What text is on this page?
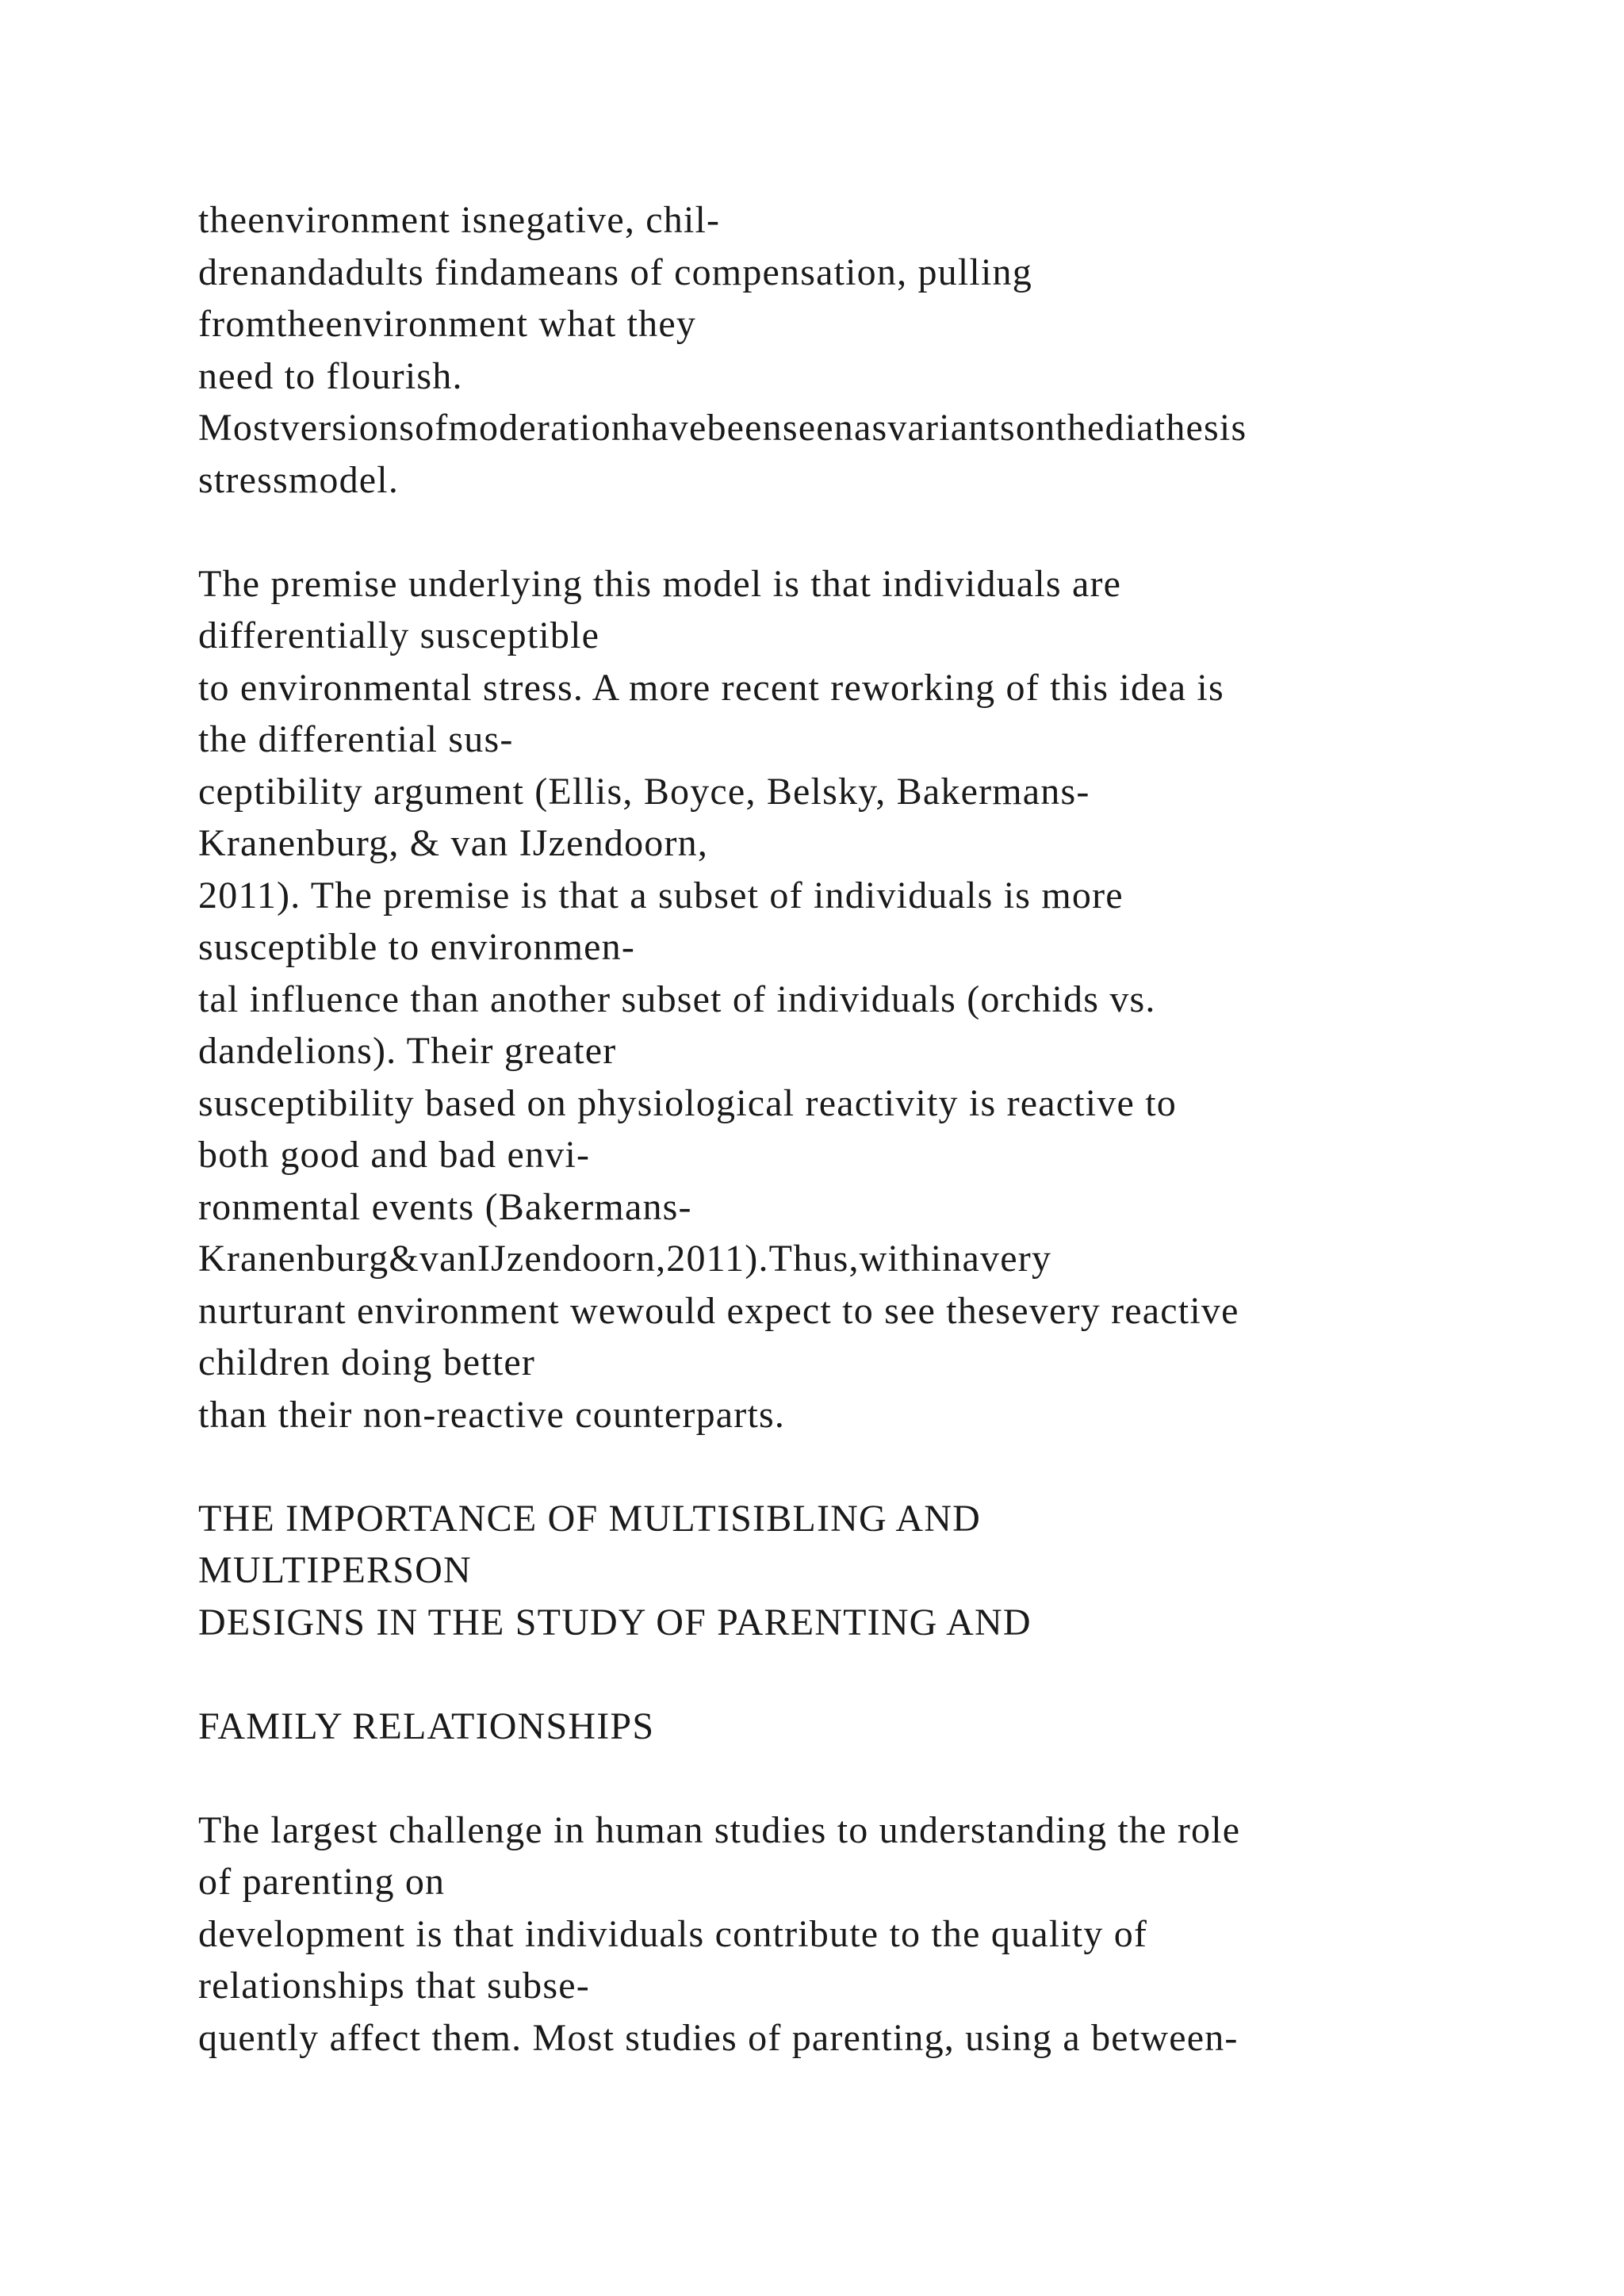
theenvironment isnegative, chil-
drenandadults findameans of compensation, pulling
fromtheenvironment what they
need to flourish.
Mostversionsofmoderationhavebeenseenasvariantsonthediathesis
stressmodel.
The premise underlying this model is that individuals are
differentially susceptible
to environmental stress. A more recent reworking of this idea is
the differential sus-
ceptibility argument (Ellis, Boyce, Belsky, Bakermans-
Kranenburg, & van IJzendoorn,
2011). The premise is that a subset of individuals is more
susceptible to environmen-
tal influence than another subset of individuals (orchids vs.
dandelions). Their greater
susceptibility based on physiological reactivity is reactive to
both good and bad envi-
ronmental events (Bakermans-
Kranenburg&vanIJzendoorn,2011).Thus,withinavery
nurturant environment wewould expect to see thesevery reactive
children doing better
than their non-reactive counterparts.
THE IMPORTANCE OF MULTISIBLING AND
MULTIPERSON
DESIGNS IN THE STUDY OF PARENTING AND
FAMILY RELATIONSHIPS
The largest challenge in human studies to understanding the role
of parenting on
development is that individuals contribute to the quality of
relationships that subse-
quently affect them. Most studies of parenting, using a between-
